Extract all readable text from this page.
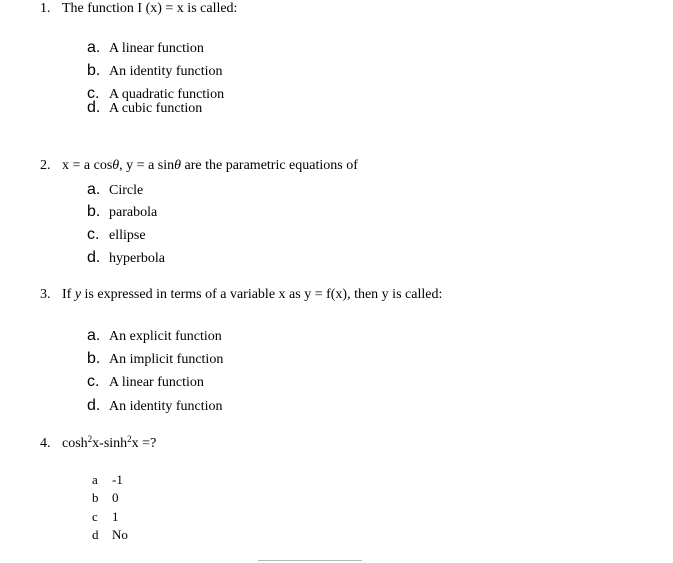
1. The function I (x) = x is called:
a. A linear function
b. An identity function
c. A quadratic function
d. A cubic function
2. x = a cosθ, y = a sinθ are the parametric equations of
a. Circle
b. parabola
c. ellipse
d. hyperbola
3. If y is expressed in terms of a variable x as y = f(x), then y is called:
a. An explicit function
b. An implicit function
c. A linear function
d. An identity function
4. $\cosh^2x-\sinh^2x$ =?
a	-1
b	0
c	1
d	No
